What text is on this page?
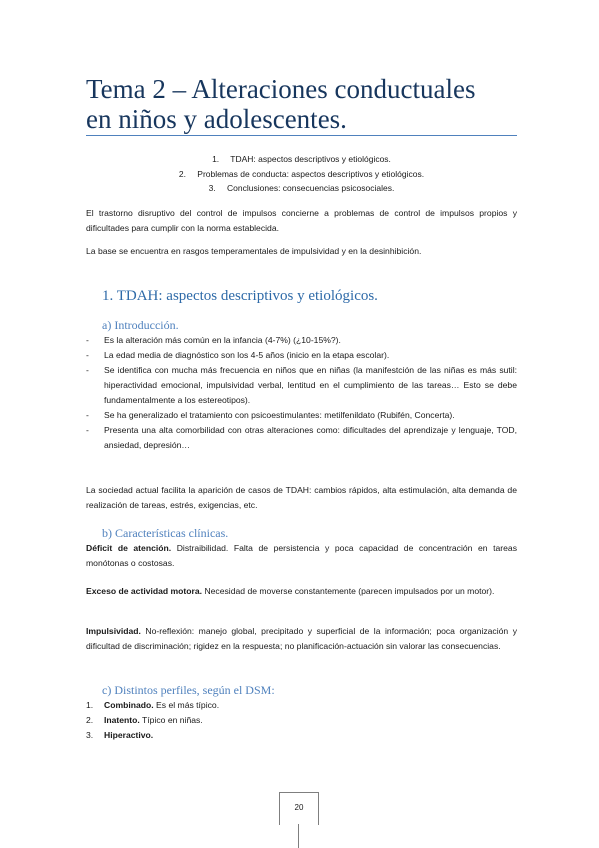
Tema 2 – Alteraciones conductuales en niños y adolescentes.
1. TDAH: aspectos descriptivos y etiológicos.
2. Problemas de conducta: aspectos descriptivos y etiológicos.
3. Conclusiones: consecuencias psicosociales.

El trastorno disruptivo del control de impulsos concierne a problemas de control de impulsos propios y dificultades para cumplir con la norma establecida.

La base se encuentra en rasgos temperamentales de impulsividad y en la desinhibición.

1. TDAH: aspectos descriptivos y etiológicos.
a) Introducción.
- Es la alteración más común en la infancia (4-7%) (¿10-15%?).
- La edad media de diagnóstico son los 4-5 años (inicio en la etapa escolar).
- Se identifica con mucha más frecuencia en niños que en niñas (la manifestción de las niñas es más sutil: hiperactividad emocional, impulsividad verbal, lentitud en el cumplimiento de las tareas… Esto se debe fundamentalmente a los estereotipos).
- Se ha generalizado el tratamiento con psicoestimulantes: metilfenildato (Rubifén, Concerta).
- Presenta una alta comorbilidad con otras alteraciones como: dificultades del aprendizaje y lenguaje, TOD, ansiedad, depresión…

La sociedad actual facilita la aparición de casos de TDAH: cambios rápidos, alta estimulación, alta demanda de realización de tareas, estrés, exigencias, etc.

b) Características clínicas.

Déficit de atención. Distraibilidad. Falta de persistencia y poca capacidad de concentración en tareas monótonas o costosas.

Exceso de actividad motora. Necesidad de moverse constantemente (parecen impulsados por un motor).

Impulsividad. No-reflexión: manejo global, precipitado y superficial de la información; poca organización y dificultad de discriminación; rigidez en la respuesta; no planificación-actuación sin valorar las consecuencias.

c) Distintos perfiles, según el DSM:
1. Combinado. Es el más típico.
2. Inatento. Típico en niñas.
3. Hiperactivo.
20
